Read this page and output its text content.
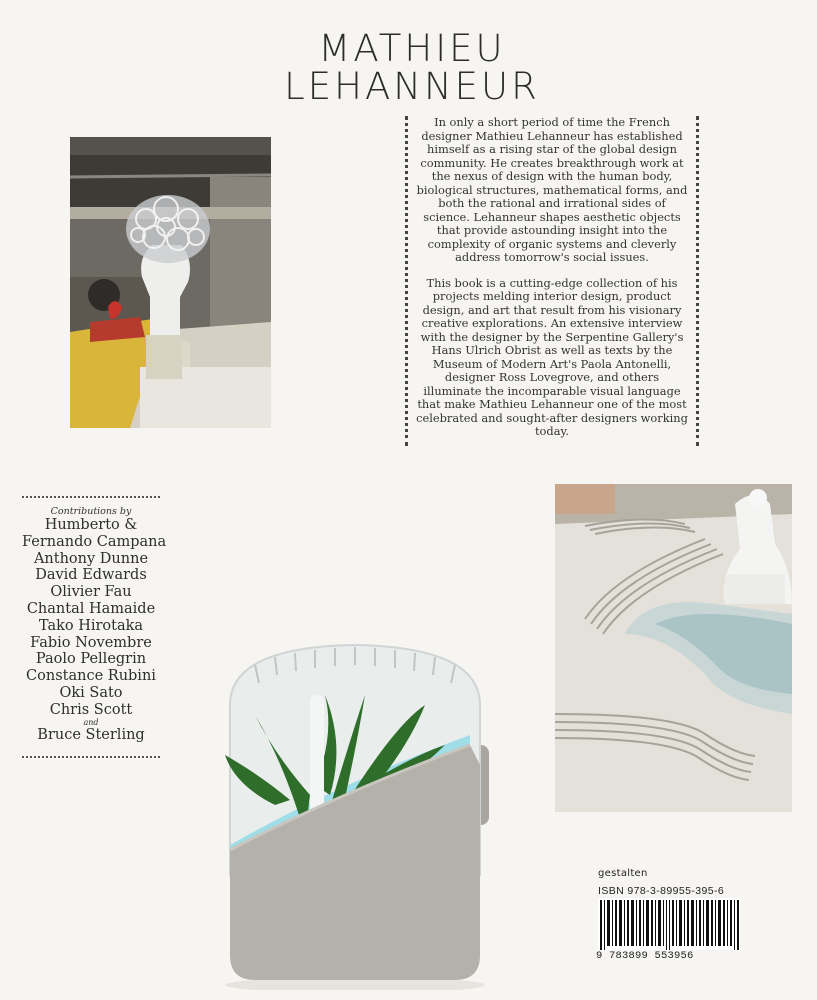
MATHIEU
LEHANNEUR

In only a short period of time the French designer Mathieu Lehanneur has established himself as a rising star of the global design community. He creates breakthrough work at the nexus of design with the human body, biological structures, mathematical forms, and both the rational and irrational sides of science. Lehanneur shapes aesthetic objects that provide astounding insight into the complexity of organic systems and cleverly address tomorrow's social issues.

This book is a cutting-edge collection of his projects melding interior design, product design, and art that result from his visionary creative explorations. An extensive interview with the designer by the Serpentine Gallery's Hans Ulrich Obrist as well as texts by the Museum of Modern Art's Paola Antonelli, designer Ross Lovegrove, and others illuminate the incomparable visual language that make Mathieu Lehanneur one of the most celebrated and sought-after designers working today.

Contributions by
Humberto &
Fernando Campana
Anthony Dunne
David Edwards
Olivier Fau
Chantal Hamaide
Tako Hirotaka
Fabio Novembre
Paolo Pellegrin
Constance Rubini
Oki Sato
Chris Scott
and
Bruce Sterling
gestalten
ISBN 978-3-89955-395-6
9 783899 553956
